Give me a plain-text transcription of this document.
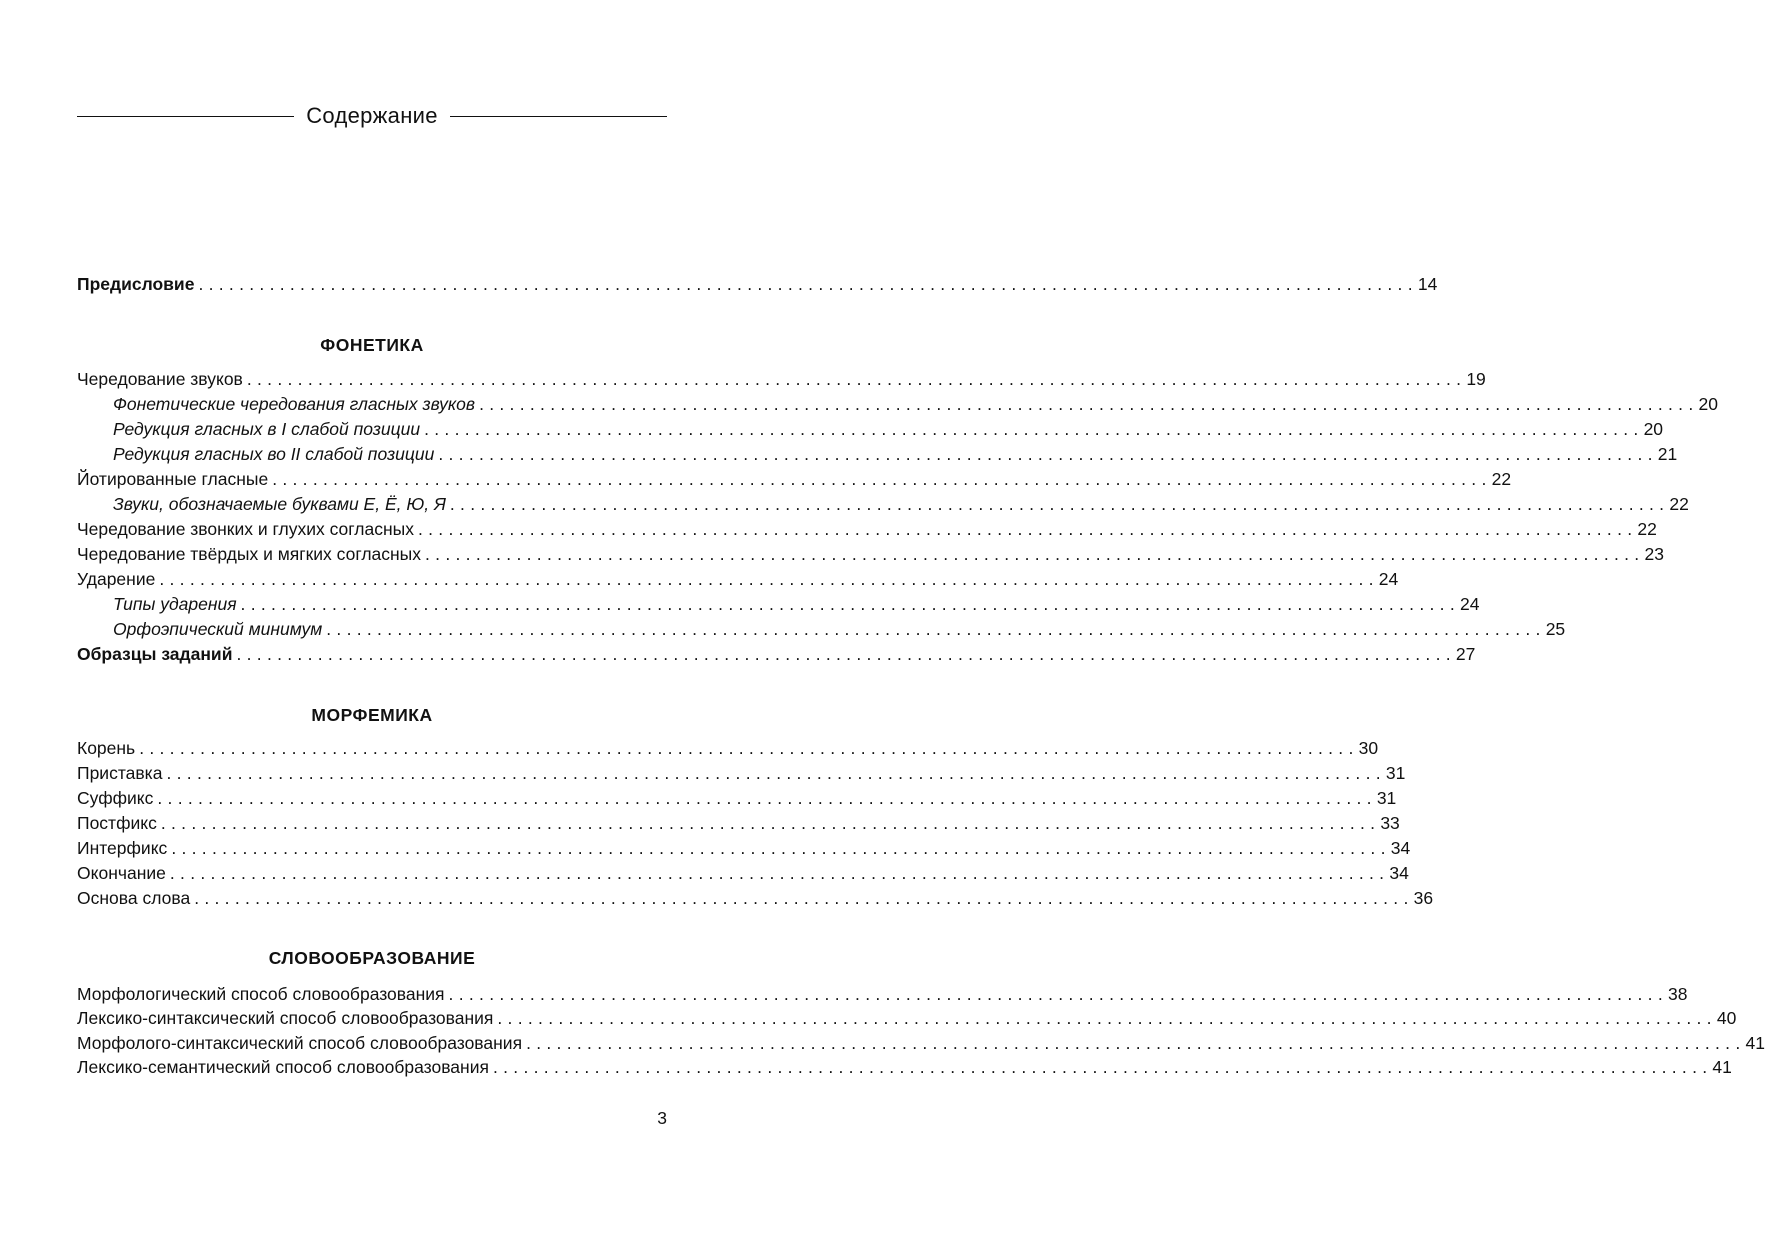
Содержание
Предисловие ........................................................................................................................ 14
ФОНЕТИКА
Чередование звуков ........................................................................................................................ 19
Фонетические чередования гласных звуков ........................................................................................................................ 20
Редукция гласных в I слабой позиции ........................................................................................................................ 20
Редукция гласных во II слабой позиции ........................................................................................................................ 21
Йотированные гласные ........................................................................................................................ 22
Звуки, обозначаемые буквами Е, Ё, Ю, Я ........................................................................................................................ 22
Чередование звонких и глухих согласных ........................................................................................................................ 22
Чередование твёрдых и мягких согласных ........................................................................................................................ 23
Ударение ........................................................................................................................ 24
Типы ударения ........................................................................................................................ 24
Орфоэпический минимум ........................................................................................................................ 25
Образцы заданий ........................................................................................................................ 27
МОРФЕМИКА
Корень ........................................................................................................................ 30
Приставка ........................................................................................................................ 31
Суффикс ........................................................................................................................ 31
Постфикс ........................................................................................................................ 33
Интерфикс ........................................................................................................................ 34
Окончание ........................................................................................................................ 34
Основа слова ........................................................................................................................ 36
СЛОВООБРАЗОВАНИЕ
Морфологический способ словообразования ........................................................................................................................ 38
Лексико-синтаксический способ словообразования ........................................................................................................................ 40
Морфолого-синтаксический способ словообразования ........................................................................................................................ 41
Лексико-семантический способ словообразования ........................................................................................................................ 41
3
